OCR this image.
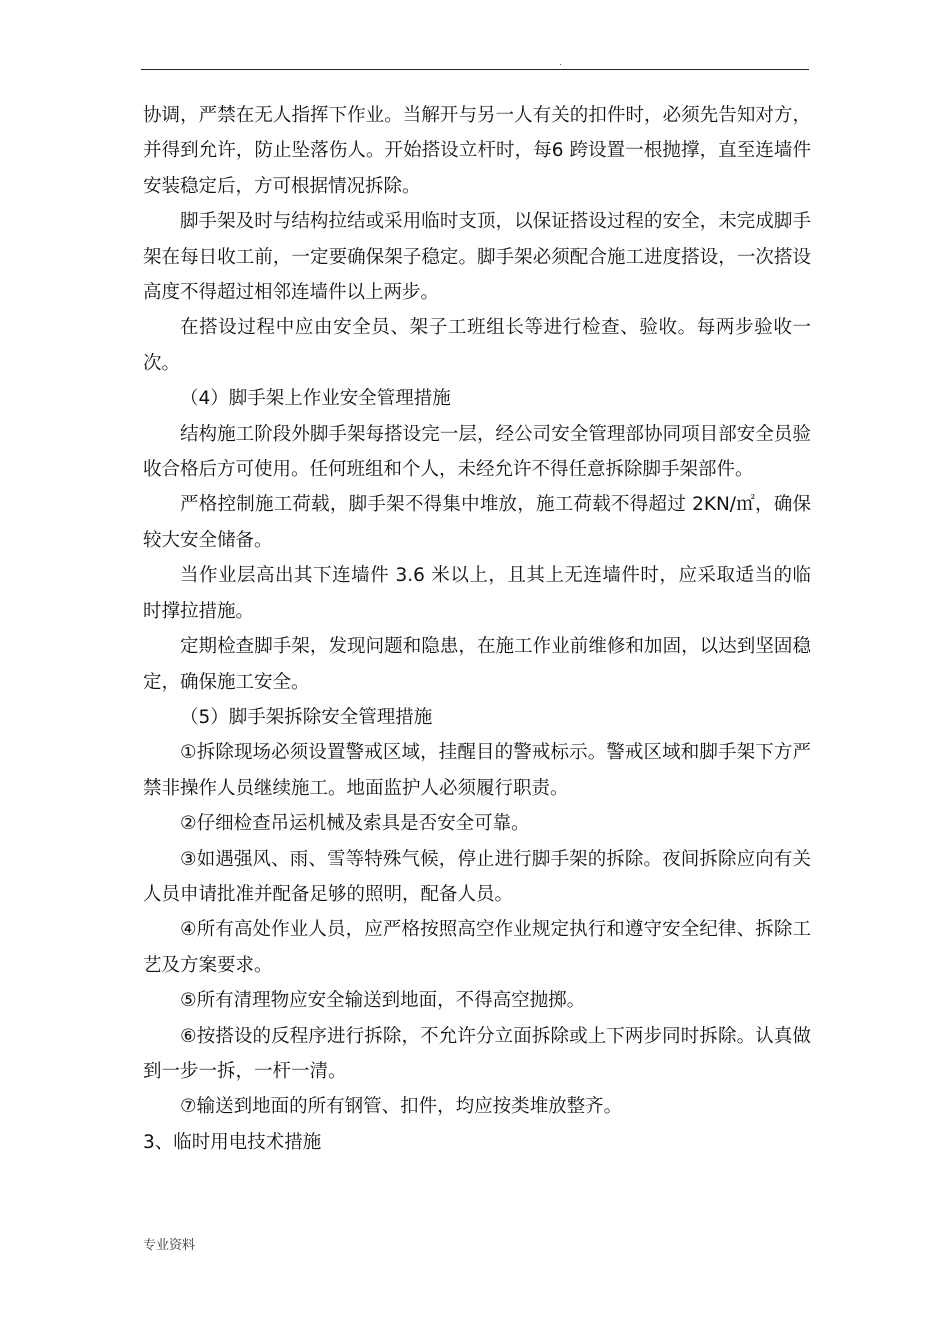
.

协调，严禁在无人指挥下作业。当解开与另一人有关的扣件时，必须先告知对方，并得到允许，防止坠落伤人。开始搭设立杆时，每6 跨设置一根抛撑，直至连墙件安装稳定后，方可根据情况拆除。

脚手架及时与结构拉结或采用临时支顶，以保证搭设过程的安全，未完成脚手架在每日收工前，一定要确保架子稳定。脚手架必须配合施工进度搭设，一次搭设高度不得超过相邻连墙件以上两步。

在搭设过程中应由安全员、架子工班组长等进行检查、验收。每两步验收一次。

（4）脚手架上作业安全管理措施

结构施工阶段外脚手架每搭设完一层，经公司安全管理部协同项目部安全员验收合格后方可使用。任何班组和个人，未经允许不得任意拆除脚手架部件。

严格控制施工荷载，脚手架不得集中堆放，施工荷载不得超过 2KN/㎡，确保较大安全储备。

当作业层高出其下连墙件 3.6 米以上，且其上无连墙件时，应采取适当的临时撑拉措施。

定期检查脚手架，发现问题和隐患，在施工作业前维修和加固，以达到坚固稳定，确保施工安全。

（5）脚手架拆除安全管理措施

①拆除现场必须设置警戒区域，挂醒目的警戒标示。警戒区域和脚手架下方严禁非操作人员继续施工。地面监护人必须履行职责。

②仔细检查吊运机械及索具是否安全可靠。

③如遇强风、雨、雪等特殊气候，停止进行脚手架的拆除。夜间拆除应向有关人员申请批准并配备足够的照明，配备人员。

④所有高处作业人员，应严格按照高空作业规定执行和遵守安全纪律、拆除工艺及方案要求。

⑤所有清理物应安全输送到地面，不得高空抛掷。

⑥按搭设的反程序进行拆除，不允许分立面拆除或上下两步同时拆除。认真做到一步一拆，一杆一清。

⑦输送到地面的所有钢管、扣件，均应按类堆放整齐。

3、临时用电技术措施

专业资料
